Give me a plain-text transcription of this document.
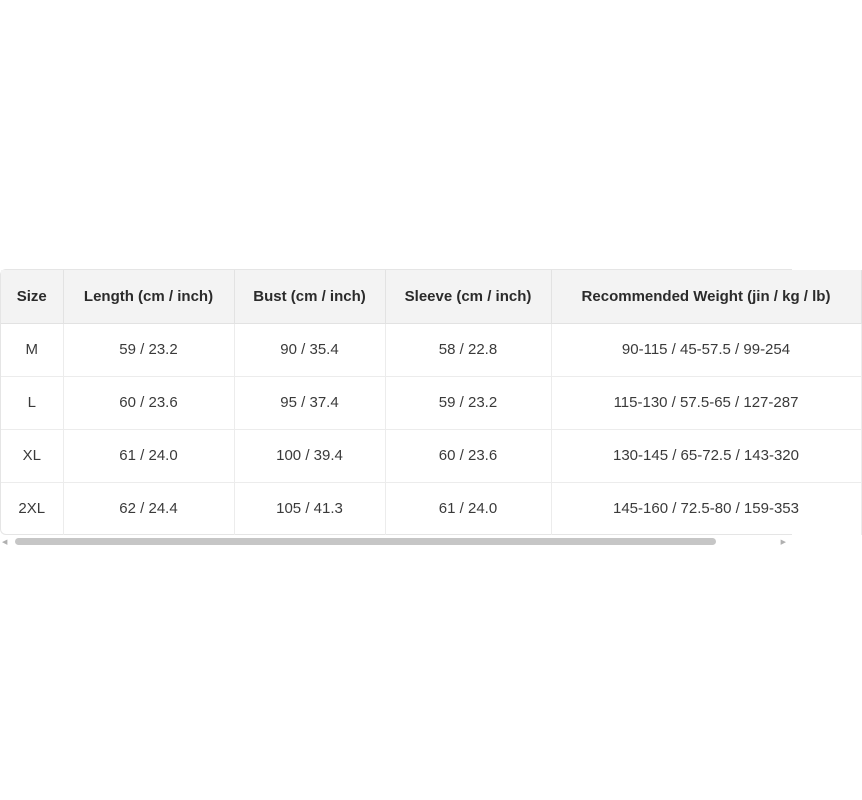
Size	Length (cm / inch)	Bust (cm / inch)	Sleeve (cm / inch)	Recommended Weight (jin / kg / lb)
M	59 / 23.2	90 / 35.4	58 / 22.8	90-115 / 45-57.5 / 99-254
L	60 / 23.6	95 / 37.4	59 / 23.2	115-130 / 57.5-65 / 127-287
XL	61 / 24.0	100 / 39.4	60 / 23.6	130-145 / 65-72.5 / 143-320
2XL	62 / 24.4	105 / 41.3	61 / 24.0	145-160 / 72.5-80 / 159-353
◀	▶
